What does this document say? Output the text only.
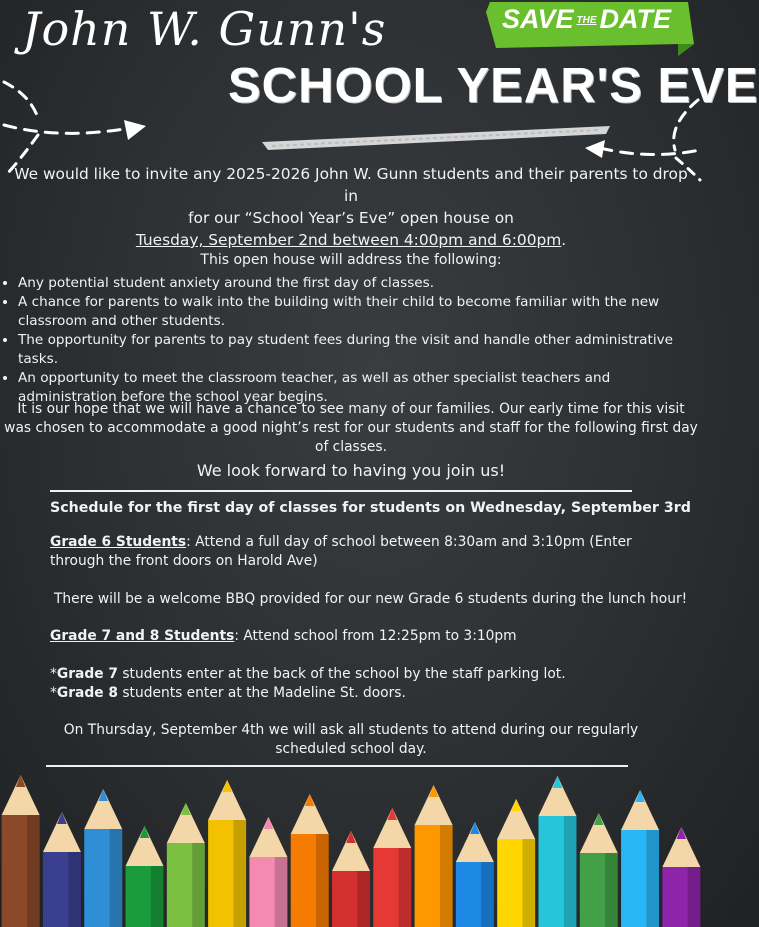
John W. Gunn's
SCHOOL YEAR'S EVE
SAVE THE DATE
We would like to invite any 2025-2026 John W. Gunn students and their parents to drop in
for our “School Year’s Eve” open house on
Tuesday, September 2nd between 4:00pm and 6:00pm.
This open house will address the following:
• Any potential student anxiety around the first day of classes.
• A chance for parents to walk into the building with their child to become familiar with the new classroom and other students.
• The opportunity for parents to pay student fees during the visit and handle other administrative tasks.
• An opportunity to meet the classroom teacher, as well as other specialist teachers and administration before the school year begins.
It is our hope that we will have a chance to see many of our families. Our early time for this visit was chosen to accommodate a good night’s rest for our students and staff for the following first day of classes.
We look forward to having you join us!
Schedule for the first day of classes for students on Wednesday, September 3rd
Grade 6 Students: Attend a full day of school between 8:30am and 3:10pm (Enter through the front doors on Harold Ave)
There will be a welcome BBQ provided for our new Grade 6 students during the lunch hour!
Grade 7 and 8 Students: Attend school from 12:25pm to 3:10pm
*Grade 7 students enter at the back of the school by the staff parking lot.
*Grade 8 students enter at the Madeline St. doors.
On Thursday, September 4th we will ask all students to attend during our regularly scheduled school day.
